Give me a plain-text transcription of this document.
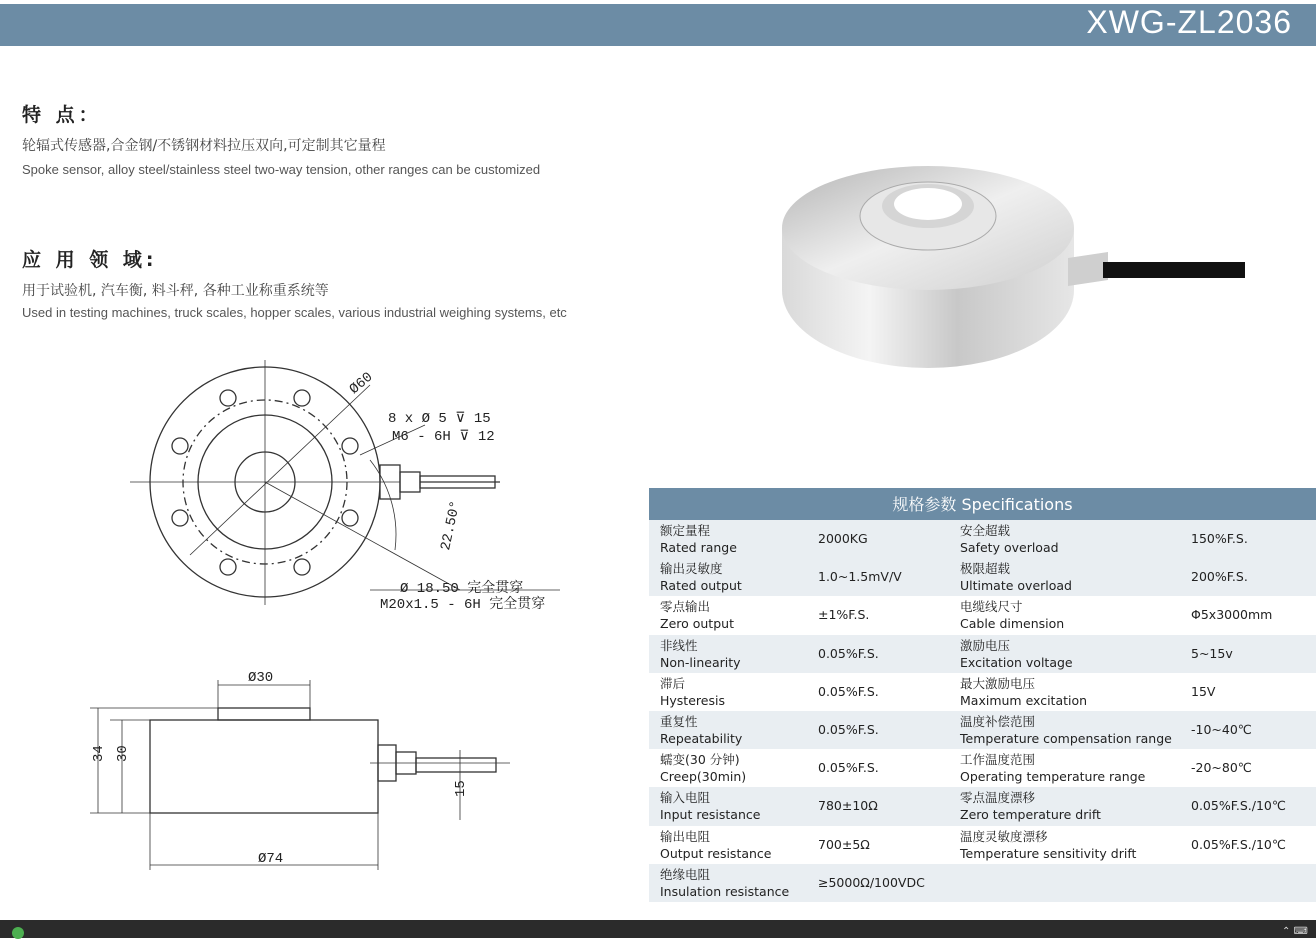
XWG-ZL2036
特 点：
轮辐式传感器,合金钢/不锈钢材料拉压双向,可定制其它量程
Spoke sensor, alloy steel/stainless steel two-way tension, other ranges can be customized
应 用 领 域:
用于试验机, 汽车衡, 料斗秤, 各种工业称重系统等
Used in testing machines, truck scales, hopper scales, various industrial weighing systems, etc
Ø60
8 x Ø 5 ⊽ 15
M6 - 6H ⊽ 12
22.50°
Ø 18.50 完全贯穿
M20x1.5 - 6H 完全贯穿
Ø30
34 30
15
Ø74
规格参数 Specifications
额定量程
Rated range
2000KG
安全超载
Safety overload
150%F.S.
输出灵敏度
Rated output
1.0~1.5mV/V
极限超载
Ultimate overload
200%F.S.
零点输出
Zero output
±1%F.S.
电缆线尺寸
Cable dimension
Φ5x3000mm
非线性
Non-linearity
0.05%F.S.
激励电压
Excitation voltage
5~15v
滞后
Hysteresis
0.05%F.S.
最大激励电压
Maximum excitation
15V
重复性
Repeatability
0.05%F.S.
温度补偿范围
Temperature compensation range
-10~40℃
蠕变(30 分钟)
Creep(30min)
0.05%F.S.
工作温度范围
Operating temperature range
-20~80℃
输入电阻
Input resistance
780±10Ω
零点温度漂移
Zero temperature drift
0.05%F.S./10℃
输出电阻
Output resistance
700±5Ω
温度灵敏度漂移
Temperature sensitivity drift
0.05%F.S./10℃
绝缘电阻
Insulation resistance
≥5000Ω/100VDC
⌃ ⌨
